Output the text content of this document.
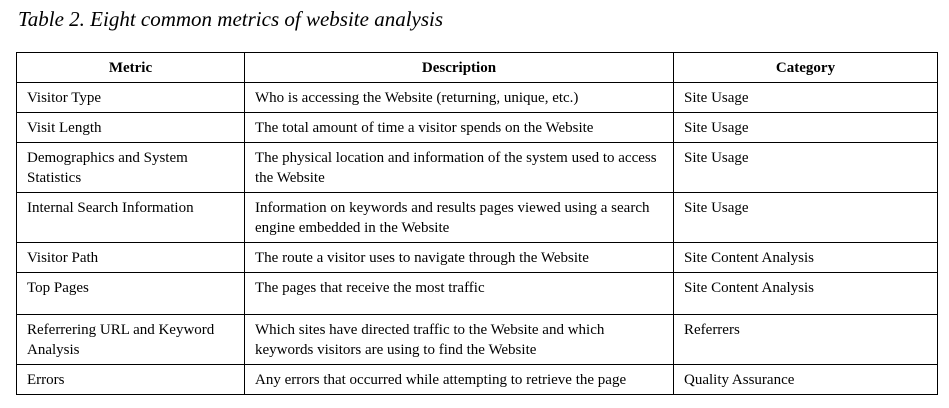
Table 2. Eight common metrics of website analysis
Metric	Description	Category
Visitor Type	Who is accessing the Website (returning, unique, etc.)	Site Usage
Visit Length	The total amount of time a visitor spends on the Website	Site Usage
Demographics and System Statistics	The physical location and information of the system used to access the Website	Site Usage
Internal Search Information	Information on keywords and results pages viewed using a search engine embedded in the Website	Site Usage
Visitor Path	The route a visitor uses to navigate through the Website	Site Content Analysis
Top Pages	The pages that receive the most traffic	Site Content Analysis
Referrering URL and Keyword Analysis	Which sites have directed traffic to the Website and which keywords visitors are using to find the Website	Referrers
Errors	Any errors that occurred while attempting to retrieve the page	Quality Assurance
